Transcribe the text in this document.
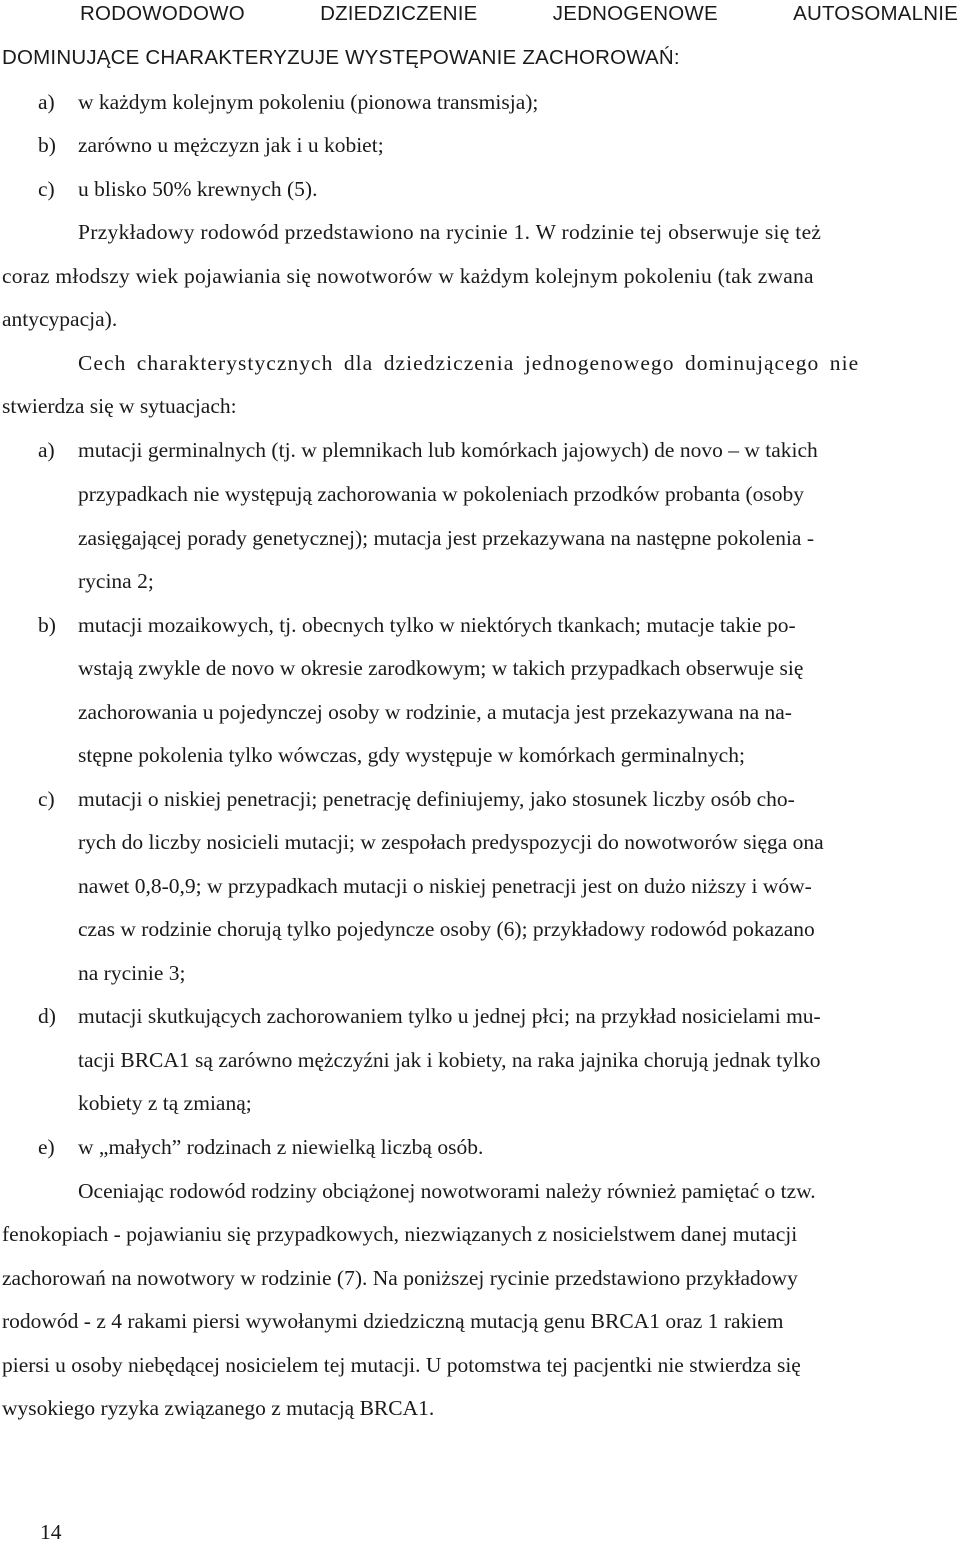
RODOWODOWO	DZIEDZICZENIE	JEDNOGENOWE	AUTOSOMALNIE
DOMINUJĄCE CHARAKTERYZUJE WYSTĘPOWANIE ZACHOROWAŃ:
a) w każdym kolejnym pokoleniu (pionowa transmisja);
b) zarówno u mężczyzn jak i u kobiet;
c) u blisko 50% krewnych (5).
Przykładowy rodowód przedstawiono na rycinie 1. W rodzinie tej obserwuje się też
coraz młodszy wiek pojawiania się nowotworów w każdym kolejnym pokoleniu (tak zwana
antycypacja).
Cech charakterystycznych dla dziedziczenia jednogenowego dominującego nie
stwierdza się w sytuacjach:
a) mutacji germinalnych (tj. w plemnikach lub komórkach jajowych) de novo – w takich
przypadkach nie występują zachorowania w pokoleniach przodków probanta (osoby
zasięgającej porady genetycznej); mutacja jest przekazywana na następne pokolenia -
rycina 2;
b) mutacji mozaikowych, tj. obecnych tylko w niektórych tkankach; mutacje takie po-
wstają zwykle de novo w okresie zarodkowym; w takich przypadkach obserwuje się
zachorowania u pojedynczej osoby w rodzinie, a mutacja jest przekazywana na na-
stępne pokolenia tylko wówczas, gdy występuje w komórkach germinalnych;
c) mutacji o niskiej penetracji; penetrację definiujemy, jako stosunek liczby osób cho-
rych do liczby nosicieli mutacji; w zespołach predyspozycji do nowotworów sięga ona
nawet 0,8-0,9; w przypadkach mutacji o niskiej penetracji jest on dużo niższy i wów-
czas w rodzinie chorują tylko pojedyncze osoby (6); przykładowy rodowód pokazano
na rycinie 3;
d) mutacji skutkujących zachorowaniem tylko u jednej płci; na przykład nosicielami mu-
tacji BRCA1 są zarówno mężczyźni jak i kobiety, na raka jajnika chorują jednak tylko
kobiety z tą zmianą;
e) w „małych” rodzinach z niewielką liczbą osób.
Oceniając rodowód rodziny obciążonej nowotworami należy również pamiętać o tzw.
fenokopiach - pojawianiu się przypadkowych, niezwiązanych z nosicielstwem danej mutacji
zachorowań na nowotwory w rodzinie (7). Na poniższej rycinie przedstawiono przykładowy
rodowód - z 4 rakami piersi wywołanymi dziedziczną mutacją genu BRCA1 oraz 1 rakiem
piersi u osoby niebędącej nosicielem tej mutacji. U potomstwa tej pacjentki nie stwierdza się
wysokiego ryzyka związanego z mutacją BRCA1.
14
